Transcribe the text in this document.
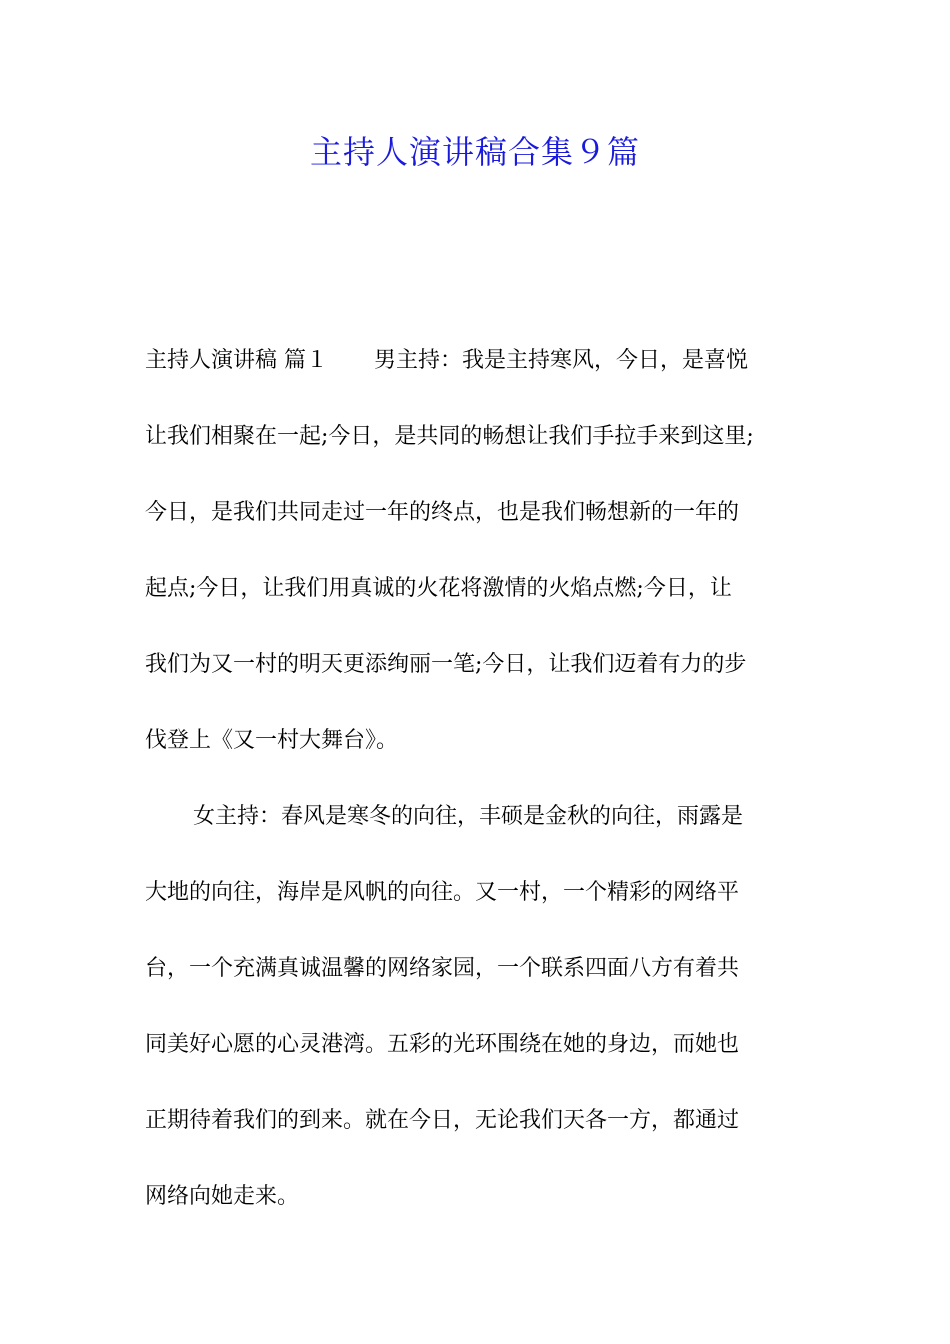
主持人演讲稿合集９篇
主持人演讲稿 篇１ 男主持：我是主持寒风，今日，是喜悦
让我们相聚在一起;今日，是共同的畅想让我们手拉手来到这里;
今日，是我们共同走过一年的终点，也是我们畅想新的一年的
起点;今日，让我们用真诚的火花将激情的火焰点燃;今日，让
我们为又一村的明天更添绚丽一笔;今日，让我们迈着有力的步
伐登上《又一村大舞台》。
女主持：春风是寒冬的向往，丰硕是金秋的向往，雨露是
大地的向往，海岸是风帆的向往。又一村，一个精彩的网络平
台，一个充满真诚温馨的网络家园，一个联系四面八方有着共
同美好心愿的心灵港湾。五彩的光环围绕在她的身边，而她也
正期待着我们的到来。就在今日，无论我们天各一方，都通过
网络向她走来。
